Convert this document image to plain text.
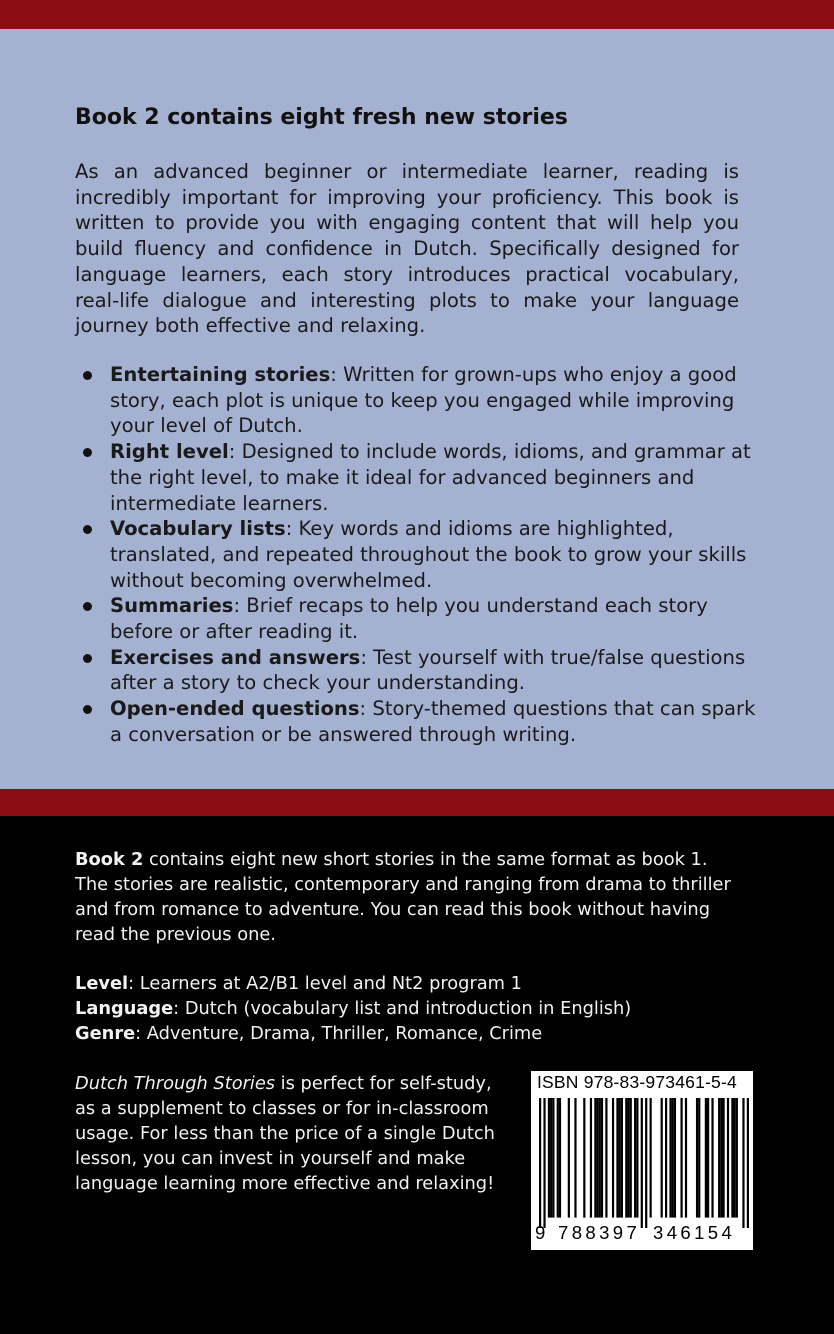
Book 2 contains eight fresh new stories

As an advanced beginner or intermediate learner, reading is incredibly important for improving your proficiency. This book is written to provide you with engaging content that will help you build fluency and confidence in Dutch. Specifically designed for language learners, each story introduces practical vocabulary, real-life dialogue and interesting plots to make your language journey both effective and relaxing.

Entertaining stories: Written for grown-ups who enjoy a good story, each plot is unique to keep you engaged while improving your level of Dutch.
Right level: Designed to include words, idioms, and grammar at the right level, to make it ideal for advanced beginners and intermediate learners.
Vocabulary lists: Key words and idioms are highlighted, translated, and repeated throughout the book to grow your skills without becoming overwhelmed.
Summaries: Brief recaps to help you understand each story before or after reading it.
Exercises and answers: Test yourself with true/false questions after a story to check your understanding.
Open-ended questions: Story-themed questions that can spark a conversation or be answered through writing.

Book 2 contains eight new short stories in the same format as book 1. The stories are realistic, contemporary and ranging from drama to thriller and from romance to adventure. You can read this book without having read the previous one.

Level: Learners at A2/B1 level and Nt2 program 1
Language: Dutch (vocabulary list and introduction in English)
Genre: Adventure, Drama, Thriller, Romance, Crime

Dutch Through Stories is perfect for self-study, as a supplement to classes or for in-classroom usage. For less than the price of a single Dutch lesson, you can invest in yourself and make language learning more effective and relaxing!

ISBN 978-83-973461-5-4
9 788397 346154
